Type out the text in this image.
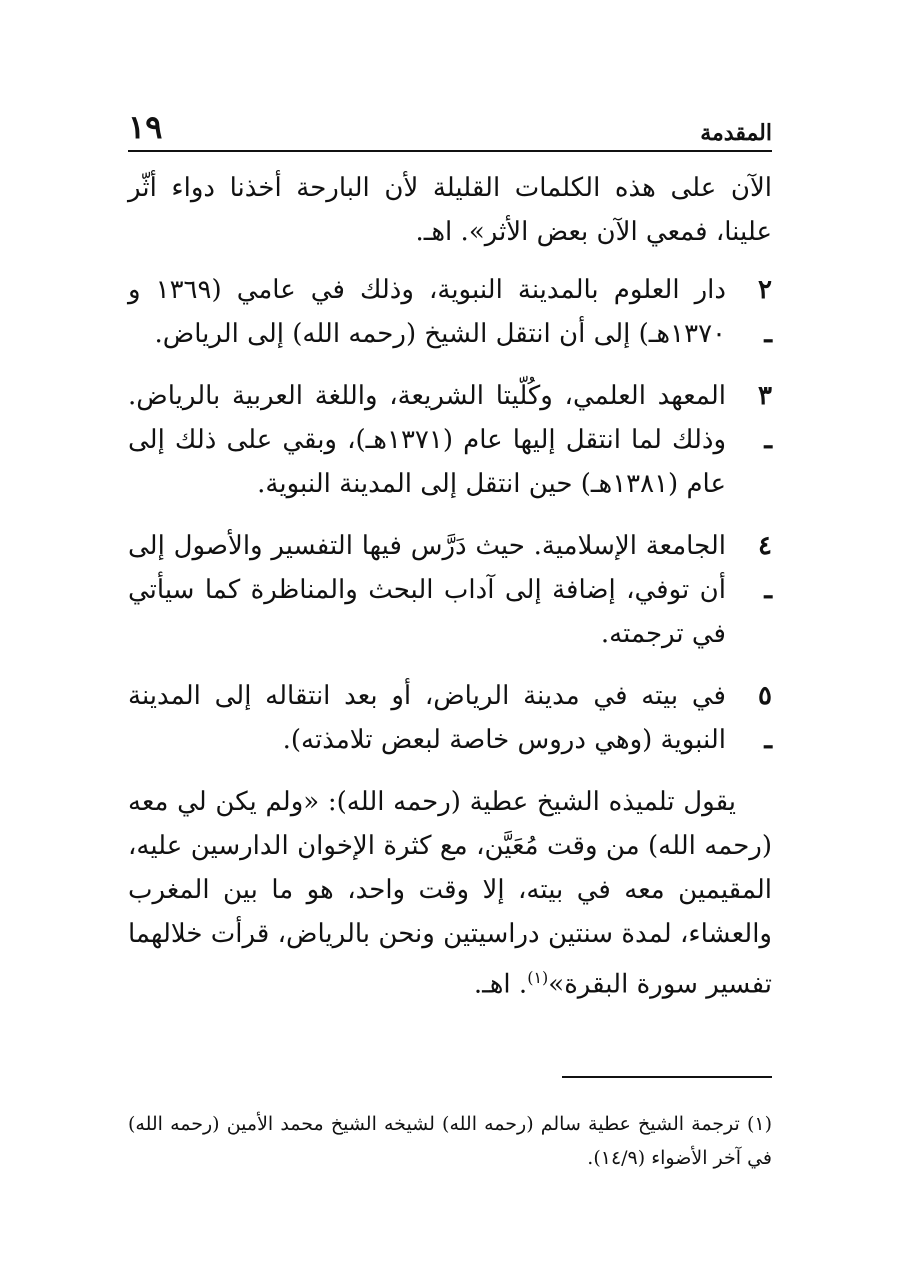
المقدمة
١٩

الآن على هذه الكلمات القليلة لأن البارحة أخذنا دواء أثّر علينا، فمعي الآن بعض الأثر». اهـ.

٢ ـ
دار العلوم بالمدينة النبوية، وذلك في عامي (١٣٦٩ و ١٣٧٠هـ) إلى أن انتقل الشيخ (رحمه الله) إلى الرياض.
٣ ـ
المعهد العلمي، وكُلّيتا الشريعة، واللغة العربية بالرياض. وذلك لما انتقل إليها عام (١٣٧١هـ)، وبقي على ذلك إلى عام (١٣٨١هـ) حين انتقل إلى المدينة النبوية.
٤ ـ
الجامعة الإسلامية. حيث دَرَّس فيها التفسير والأصول إلى أن توفي، إضافة إلى آداب البحث والمناظرة كما سيأتي في ترجمته.
٥ ـ
في بيته في مدينة الرياض، أو بعد انتقاله إلى المدينة النبوية (وهي دروس خاصة لبعض تلامذته).

يقول تلميذه الشيخ عطية (رحمه الله): «ولم يكن لي معه (رحمه الله) من وقت مُعَيَّن، مع كثرة الإخوان الدارسين عليه، المقيمين معه في بيته، إلا وقت واحد، هو ما بين المغرب والعشاء، لمدة سنتين دراسيتين ونحن بالرياض، قرأت خلالهما تفسير سورة البقرة»$^{(١)}$. اهـ.

(١) ترجمة الشيخ عطية سالم (رحمه الله) لشيخه الشيخ محمد الأمين (رحمه الله) في آخر الأضواء (١٤/٩).
